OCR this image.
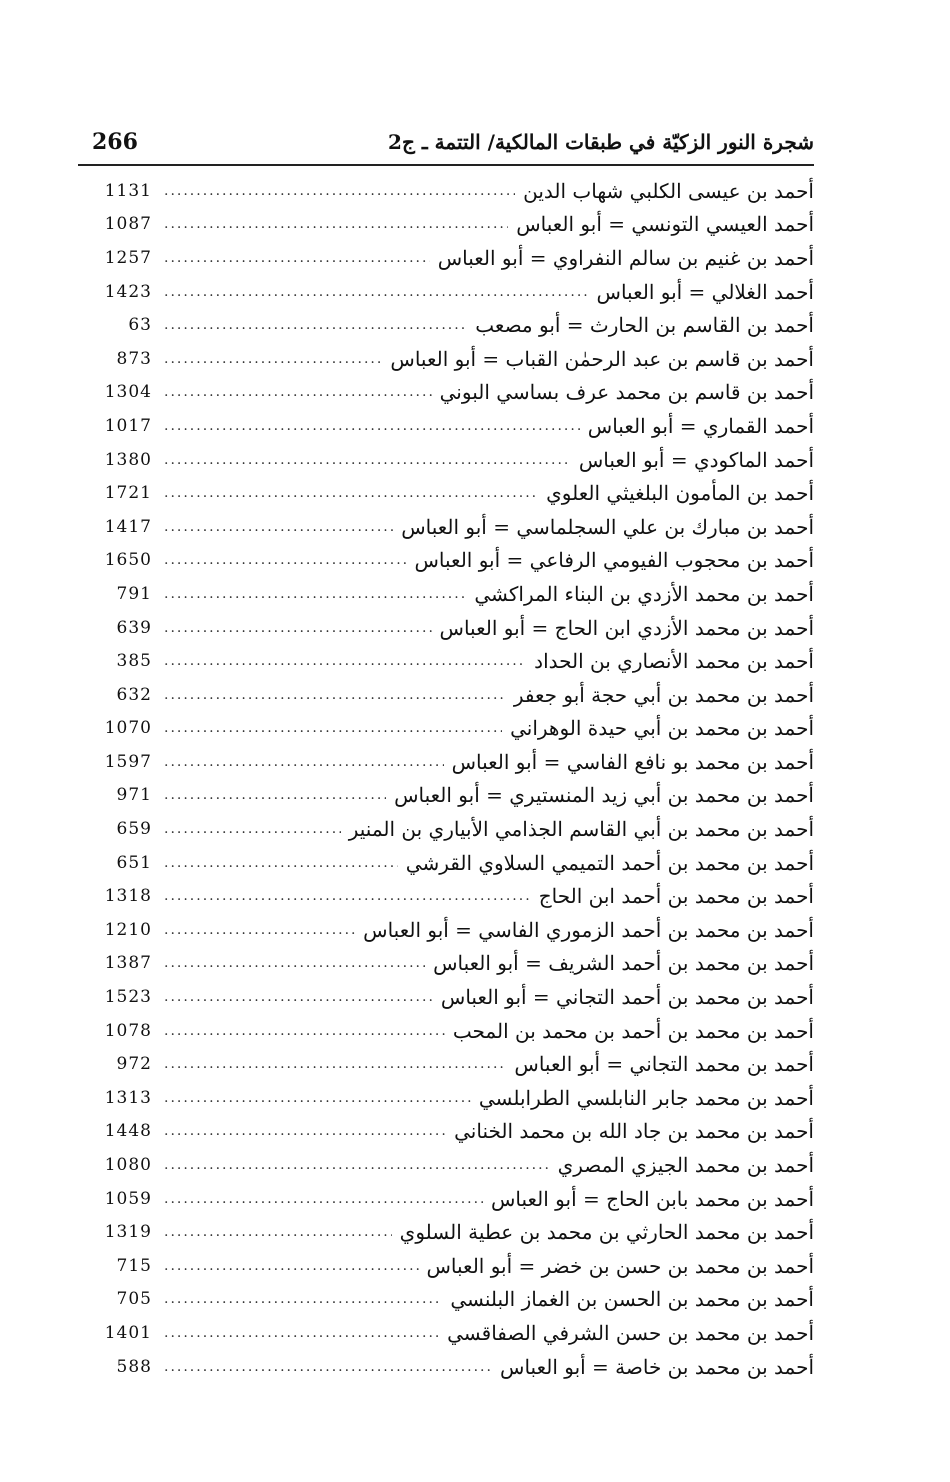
266	شجرة النور الزكيّة في طبقات المالكية/ التتمة ـ ج2
أحمد بن عيسى الكلبي شهاب الدين
.....
1131
أحمد العيسي التونسي = أبو العباس
.....
1087
أحمد بن غنيم بن سالم النفراوي = أبو العباس
.....
1257
أحمد الغلالي = أبو العباس
.....
1423
أحمد بن القاسم بن الحارث = أبو مصعب
.....
63
أحمد بن قاسم بن عبد الرحمٰن القباب = أبو العباس
.....
873
أحمد بن قاسم بن محمد عرف بساسي البوني
.....
1304
أحمد القماري = أبو العباس
.....
1017
أحمد الماكودي = أبو العباس
.....
1380
أحمد بن المأمون البلغيثي العلوي
.....
1721
أحمد بن مبارك بن علي السجلماسي = أبو العباس
.....
1417
أحمد بن محجوب الفيومي الرفاعي = أبو العباس
.....
1650
أحمد بن محمد الأزدي بن البناء المراكشي
.....
791
أحمد بن محمد الأزدي ابن الحاج = أبو العباس
.....
639
أحمد بن محمد الأنصاري بن الحداد
.....
385
أحمد بن محمد بن أبي حجة أبو جعفر
.....
632
أحمد بن محمد بن أبي حيدة الوهراني
.....
1070
أحمد بن محمد بو نافع الفاسي = أبو العباس
.....
1597
أحمد بن محمد بن أبي زيد المنستيري = أبو العباس
.....
971
أحمد بن محمد بن أبي القاسم الجذامي الأبياري بن المنير
.....
659
أحمد بن محمد بن أحمد التميمي السلاوي القرشي
.....
651
أحمد بن محمد بن أحمد ابن الحاج
.....
1318
أحمد بن محمد بن أحمد الزموري الفاسي = أبو العباس
.....
1210
أحمد بن محمد بن أحمد الشريف = أبو العباس
.....
1387
أحمد بن محمد بن أحمد التجاني = أبو العباس
.....
1523
أحمد بن محمد بن أحمد بن محمد بن المحب
.....
1078
أحمد بن محمد التجاني = أبو العباس
.....
972
أحمد بن محمد جابر النابلسي الطرابلسي
.....
1313
أحمد بن محمد بن جاد الله بن محمد الخناني
.....
1448
أحمد بن محمد الجيزي المصري
.....
1080
أحمد بن محمد بابن الحاج = أبو العباس
.....
1059
أحمد بن محمد الحارثي بن محمد بن عطية السلوي
.....
1319
أحمد بن محمد بن حسن بن خضر = أبو العباس
.....
715
أحمد بن محمد بن الحسن بن الغماز البلنسي
.....
705
أحمد بن محمد بن حسن الشرفي الصفاقسي
.....
1401
أحمد بن محمد بن خاصة = أبو العباس
.....
588
